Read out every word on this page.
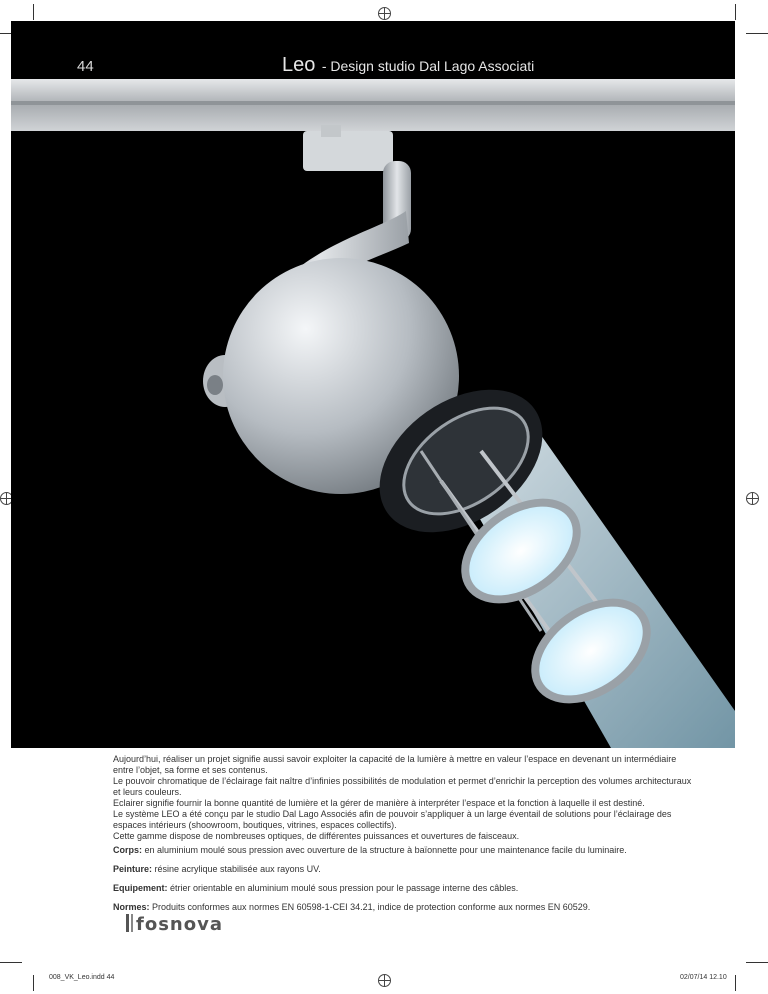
44	Leo - Design studio Dal Lago Associati

Aujourd’hui, réaliser un projet signifie aussi savoir exploiter la capacité de la lumière à mettre en valeur l’espace en devenant un intermédiaire entre l’objet, sa forme et ses contenus.

Le pouvoir chromatique de l’éclairage fait naître d’infinies possibilités de modulation et permet d’enrichir la perception des volumes architecturaux et leurs couleurs.

Eclairer signifie fournir la bonne quantité de lumière et la gérer de manière à interpréter l’espace et la fonction à laquelle il est destiné.

Le système LEO a été conçu par le studio Dal Lago Associés afin de pouvoir s’appliquer à un large éventail de solutions pour l’éclairage des espaces intérieurs (shoowroom, boutiques, vitrines, espaces collectifs).

Cette gamme dispose de nombreuses optiques, de différentes puissances et ouvertures de faisceaux.

Corps: en aluminium moulé sous pression avec ouverture de la structure à baïonnette pour une maintenance facile du luminaire.

Peinture: résine acrylique stabilisée aux rayons UV.

Equipement: étrier orientable en aluminium moulé sous pression pour le passage interne des câbles.

Normes: Produits conformes aux normes EN 60598-1-CEI 34.21, indice de protection conforme aux normes EN 60529.

fosnova
008_VK_Leo.indd 44	02/07/14 12.10
